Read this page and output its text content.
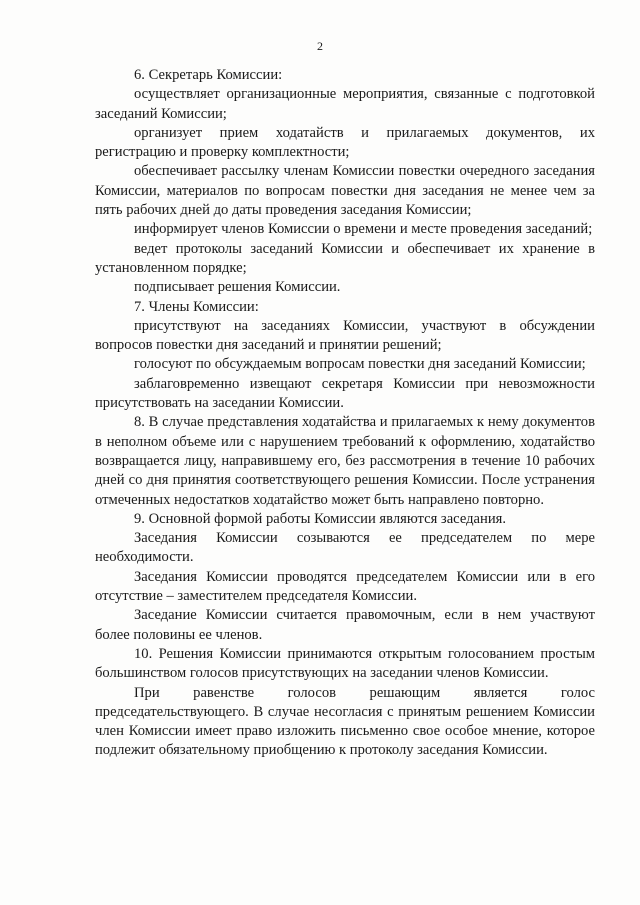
2

6. Секретарь Комиссии:

осуществляет организационные мероприятия, связанные с подготовкой заседаний Комиссии;

организует прием ходатайств и прилагаемых документов, их регистрацию и проверку комплектности;

обеспечивает рассылку членам Комиссии повестки очередного заседания Комиссии, материалов по вопросам повестки дня заседания не менее чем за пять рабочих дней до даты проведения заседания Комиссии;

информирует членов Комиссии о времени и месте проведения заседаний;

ведет протоколы заседаний Комиссии и обеспечивает их хранение в установленном порядке;

подписывает решения Комиссии.

7. Члены Комиссии:

присутствуют на заседаниях Комиссии, участвуют в обсуждении вопросов повестки дня заседаний и принятии решений;

голосуют по обсуждаемым вопросам повестки дня заседаний Комиссии;

заблаговременно извещают секретаря Комиссии при невозможности присутствовать на заседании Комиссии.

8. В случае представления ходатайства и прилагаемых к нему документов в неполном объеме или с нарушением требований к оформлению, ходатайство возвращается лицу, направившему его, без рассмотрения в течение 10 рабочих дней со дня принятия соответствующего решения Комиссии. После устранения отмеченных недостатков ходатайство может быть направлено повторно.

9. Основной формой работы Комиссии являются заседания.

Заседания Комиссии созываются ее председателем по мере необходимости.

Заседания Комиссии проводятся председателем Комиссии или в его отсутствие – заместителем председателя Комиссии.

Заседание Комиссии считается правомочным, если в нем участвуют более половины ее членов.

10. Решения Комиссии принимаются открытым голосованием простым большинством голосов присутствующих на заседании членов Комиссии.

При равенстве голосов решающим является голос председательствующего. В случае несогласия с принятым решением Комиссии член Комиссии имеет право изложить письменно свое особое мнение, которое подлежит обязательному приобщению к протоколу заседания Комиссии.
